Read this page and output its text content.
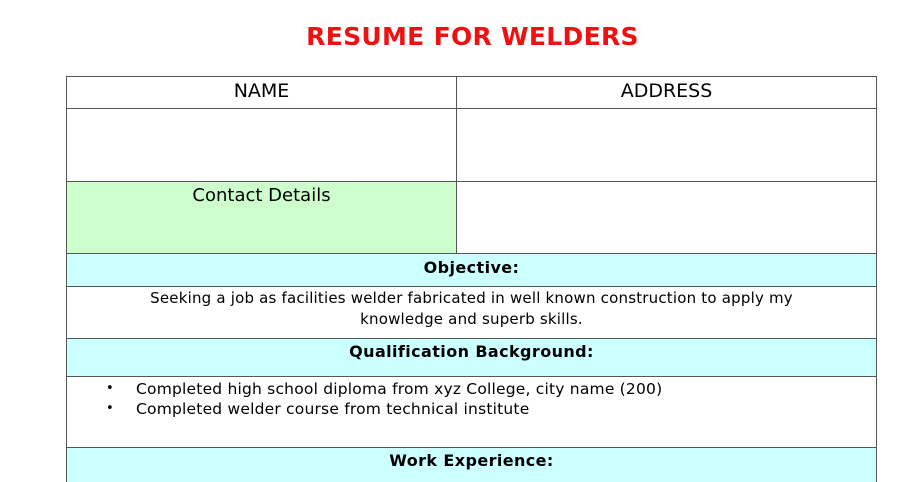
RESUME FOR WELDERS
NAME	ADDRESS
Contact Details
Objective:
Seeking a job as facilities welder fabricated in well known construction to apply my knowledge and superb skills.
Qualification Background:
• Completed high school diploma from xyz College, city name (200)
• Completed welder course from technical institute
Work Experience:
